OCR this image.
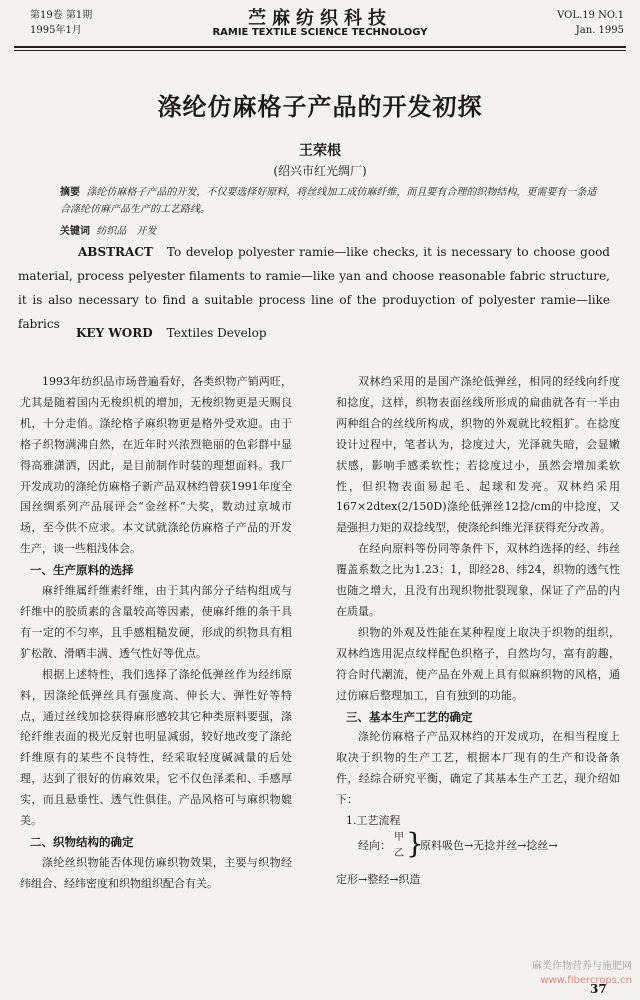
第19卷 第1期
1995年1月
苎麻纺织科技
RAMIE TEXTILE SCIENCE TECHNOLOGY
VOL.19 NO.1
Jan. 1995
涤纶仿麻格子产品的开发初探
王荣根
(绍兴市红光绸厂)
摘要 涤纶仿麻格子产品的开发，不仅要选择好原料，将丝线加工成仿麻纤维，而且要有合理的织物结构，更需要有一条适合涤纶仿麻产品生产的工艺路线。
关键词 纺织品　开发
ABSTRACT To develop polyester ramie—like checks, it is necessary to choose good material, process pelyester filaments to ramie—like yan and choose reasonable fabric structure, it is also necessary to find a suitable process line of the produyction of polyester ramie—like fabrics
KEY WORD Textiles Develop

1993年纺织品市场普遍看好，各类织物产销两旺，尤其是随着国内无梭织机的增加，无梭织物更是天赐良机，十分走俏。涤纶格子麻织物更是格外受欢迎。由于格子织物满沸自然，在近年时兴浓烈艳丽的色彩群中显得高雅潇洒，因此，是目前制作时装的理想面料。我厂开发成功的涤纶仿麻格子新产品双林绉曾获1991年度全国丝绸系列产品展评会“金丝杯”大奖，数动过京城市场，至今供不应求。本文试就涤纶仿麻格子产品的开发生产，谈一些粗浅体会。

一、生产原料的选择

麻纤维属纤维素纤维，由于其内部分子结构组成与纤维中的胶质素的含量较高等因素，使麻纤维的条干具有一定的不匀率，且手感粗糙发硬，形成的织物具有粗犷松散、滑晒丰满、透气性好等优点。

根据上述特性，我们选择了涤纶低弹丝作为经纬原料，因涤纶低弹丝具有强度高、伸长大、弹性好等特点，通过丝线加捻获得麻形感较其它种类原料要强，涤纶纤维表面的极光反射也明显减弱，较好地改变了涤纶纤维原有的某些不良特性，经采取轻度碱减量的后处理，达到了很好的仿麻效果，它不仅色泽柔和、手感厚实，而且悬垂性、透气性俱佳。产品风格可与麻织物媲美。

二、织物结构的确定

涤纶丝织物能否体现仿麻织物效果，主要与织物经纬组合、经纬密度和织物组织配合有关。

双林绉采用的是国产涤纶低弹丝，相同的经线向纤度和捻度，这样，织物表面丝线所形成的扁曲就各有一半由两种组合的丝线所构成，织物的外观就比较粗犷。在捻度设计过程中，笔者认为，捻度过大，光泽就失暗，会显嫩状感，影响手感柔软性；若捻度过小，虽然会增加柔软性，但织物表面易起毛、起球和发亮。双林绉采用167×2dtex(2/150D)涤纶低弹丝12捻/cm的中捻度，又是强担力矩的双捻线型，使涤纶纠维光泽获得充分改善。

在经向原料等份同等条件下，双林绉选择的经、纬丝覆盖系数之比为1.23：1，即经28、纬24，织物的透气性也随之增大，且没有出现织物批裂现象，保证了产品的内在质量。

织物的外观及性能在某种程度上取决于织物的组织，双林绉选用泥点纹样配色织格子，自然均匀，富有韵趣，符合时代潮流，使产品在外观上具有似麻织物的风格，通过仿麻后整理加工，自有独到的功能。

三、基本生产工艺的确定

涤纶仿麻格子产品双林绉的开发成功，在相当程度上取决于织物的生产工艺，根据本厂现有的生产和设备条件，经综合研究平衡，确定了其基本生产工艺，现介绍如下：

1.工艺流程

经向：
甲
乙 }
原料吸色→无捻并丝→捻丝→

定形→整经→织造

麻类作物营养与施肥网
www.fibercrops.cn
37
